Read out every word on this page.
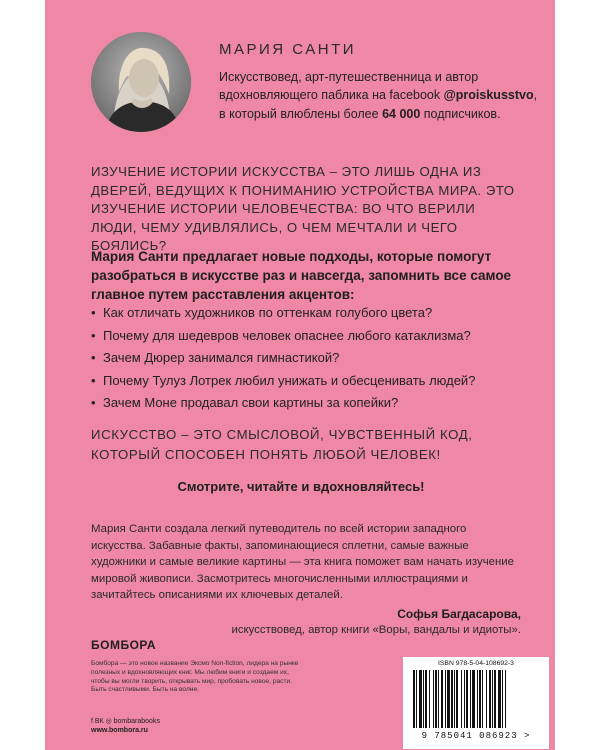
МАРИЯ САНТИ
Искусствовед, арт-путешественница и автор вдохновляющего паблика на facebook @proiskusstvo, в который влюблены более 64 000 подписчиков.
ИЗУЧЕНИЕ ИСТОРИИ ИСКУССТВА – ЭТО ЛИШЬ ОДНА ИЗ ДВЕРЕЙ, ВЕДУЩИХ К ПОНИМАНИЮ УСТРОЙСТВА МИРА. ЭТО ИЗУЧЕНИЕ ИСТОРИИ ЧЕЛОВЕЧЕСТВА: ВО ЧТО ВЕРИЛИ ЛЮДИ, ЧЕМУ УДИВЛЯЛИСЬ, О ЧЕМ МЕЧТАЛИ И ЧЕГО БОЯЛИСЬ?
Мария Санти предлагает новые подходы, которые помогут разобраться в искусстве раз и навсегда, запомнить все самое главное путем расставления акцентов:
• Как отличать художников по оттенкам голубого цвета?
• Почему для шедевров человек опаснее любого катаклизма?
• Зачем Дюрер занимался гимнастикой?
• Почему Тулуз Лотрек любил унижать и обесценивать людей?
• Зачем Моне продавал свои картины за копейки?
ИСКУССТВО – ЭТО СМЫСЛОВОЙ, ЧУВСТВЕННЫЙ КОД, КОТОРЫЙ СПОСОБЕН ПОНЯТЬ ЛЮБОЙ ЧЕЛОВЕК!
Смотрите, читайте и вдохновляйтесь!
Мария Санти создала легкий путеводитель по всей истории западного искусства. Забавные факты, запоминающиеся сплетни, самые важные художники и самые великие картины — эта книга поможет вам начать изучение мировой живописи. Засмотритесь многочисленными иллюстрациями и зачитайтесь описаниями их ключевых деталей.
Софья Багдасарова,
искусствовед, автор книги «Воры, вандалы и идиоты».
БОМБОРА
Бомбора — это новое название Эксмо Non-fiction, лидера на рынке полезных и вдохновляющих книг. Мы любим книги и создаем их, чтобы вы могли творить, открывать мир, пробовать новое, расти. Быть счастливыми. Быть на волне.
f ВК ◎ bombarabooks
www.bombora.ru
ISBN 978-5-04-108692-3
9 785041 086923 >
